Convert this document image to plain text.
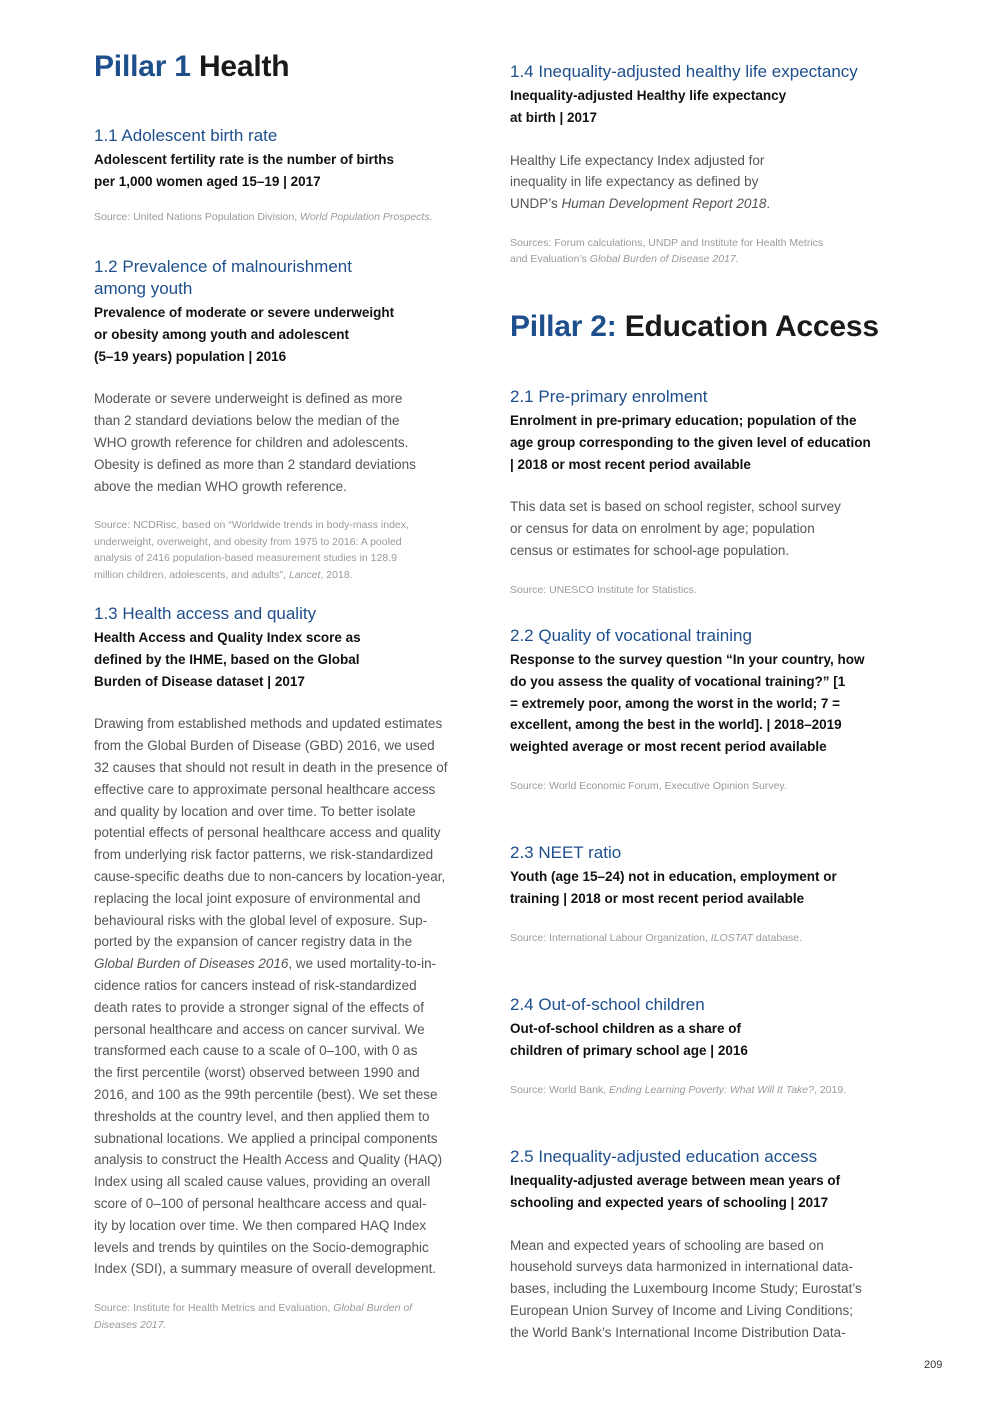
Pillar 1 Health
1.1 Adolescent birth rate

Adolescent fertility rate is the number of births
per 1,000 women aged 15–19 | 2017

Source: United Nations Population Division, World Population Prospects.

1.2 Prevalence of malnourishment
among youth

Prevalence of moderate or severe underweight
or obesity among youth and adolescent
(5–19 years) population | 2016

Moderate or severe underweight is defined as more
than 2 standard deviations below the median of the
WHO growth reference for children and adolescents.
Obesity is defined as more than 2 standard deviations
above the median WHO growth reference.

Source: NCDRisc, based on “Worldwide trends in body-mass index,
underweight, overweight, and obesity from 1975 to 2016: A pooled
analysis of 2416 population-based measurement studies in 128.9
million children, adolescents, and adults”, Lancet, 2018.

1.3 Health access and quality

Health Access and Quality Index score as
defined by the IHME, based on the Global
Burden of Disease dataset | 2017

Drawing from established methods and updated estimates
from the Global Burden of Disease (GBD) 2016, we used
32 causes that should not result in death in the presence of
effective care to approximate personal healthcare access
and quality by location and over time. To better isolate
potential effects of personal healthcare access and quality
from underlying risk factor patterns, we risk-standardized
cause-specific deaths due to non-cancers by location-year,
replacing the local joint exposure of environmental and
behavioural risks with the global level of exposure. Sup-
ported by the expansion of cancer registry data in the
Global Burden of Diseases 2016, we used mortality-to-in-
cidence ratios for cancers instead of risk-standardized
death rates to provide a stronger signal of the effects of
personal healthcare and access on cancer survival. We
transformed each cause to a scale of 0–100, with 0 as
the first percentile (worst) observed between 1990 and
2016, and 100 as the 99th percentile (best). We set these
thresholds at the country level, and then applied them to
subnational locations. We applied a principal components
analysis to construct the Health Access and Quality (HAQ)
Index using all scaled cause values, providing an overall
score of 0–100 of personal healthcare access and qual-
ity by location over time. We then compared HAQ Index
levels and trends by quintiles on the Socio-demographic
Index (SDI), a summary measure of overall development.

Source: Institute for Health Metrics and Evaluation, Global Burden of
Diseases 2017.

1.4 Inequality-adjusted healthy life expectancy

Inequality-adjusted Healthy life expectancy
at birth | 2017

Healthy Life expectancy Index adjusted for
inequality in life expectancy as defined by
UNDP’s Human Development Report 2018.

Sources: Forum calculations, UNDP and Institute for Health Metrics
and Evaluation’s Global Burden of Disease 2017.

Pillar 2: Education Access
2.1 Pre-primary enrolment

Enrolment in pre-primary education; population of the
age group corresponding to the given level of education
| 2018 or most recent period available

This data set is based on school register, school survey
or census for data on enrolment by age; population
census or estimates for school-age population.

Source: UNESCO Institute for Statistics.

2.2 Quality of vocational training

Response to the survey question “In your country, how
do you assess the quality of vocational training?” [1
= extremely poor, among the worst in the world; 7 =
excellent, among the best in the world]. | 2018–2019
weighted average or most recent period available

Source: World Economic Forum, Executive Opinion Survey.

2.3 NEET ratio

Youth (age 15–24) not in education, employment or
training | 2018 or most recent period available

Source: International Labour Organization, ILOSTAT database.

2.4 Out-of-school children

Out-of-school children as a share of
children of primary school age | 2016

Source: World Bank, Ending Learning Poverty: What Will It Take?, 2019.

2.5 Inequality-adjusted education access

Inequality-adjusted average between mean years of
schooling and expected years of schooling | 2017

Mean and expected years of schooling are based on
household surveys data harmonized in international data-
bases, including the Luxembourg Income Study; Eurostat’s
European Union Survey of Income and Living Conditions;
the World Bank’s International Income Distribution Data-

209
